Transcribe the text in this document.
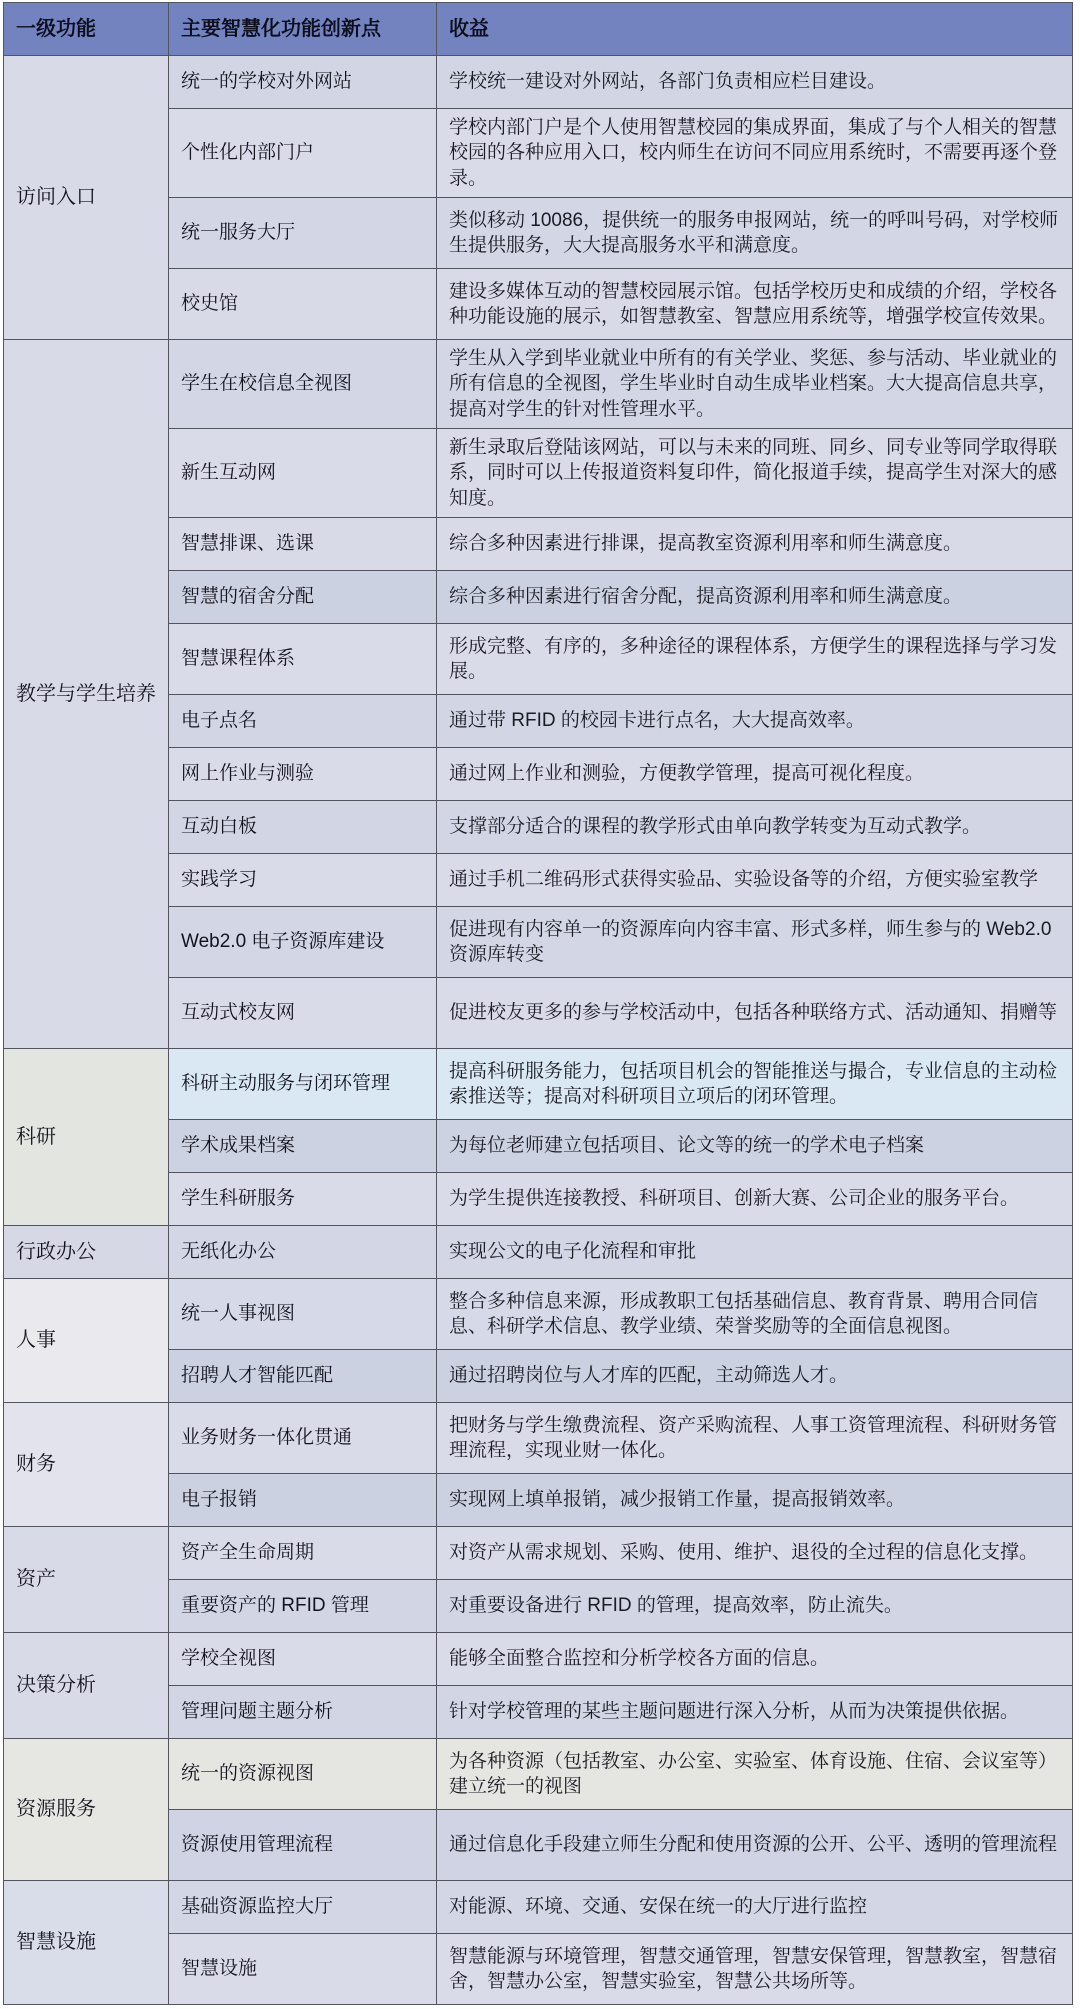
一级功能	主要智慧化功能创新点	收益
访问入口	统一的学校对外网站	学校统一建设对外网站，各部门负责相应栏目建设。
	个性化内部门户	学校内部门户是个人使用智慧校园的集成界面，集成了与个人相关的智慧校园的各种应用入口，校内师生在访问不同应用系统时，不需要再逐个登录。
	统一服务大厅	类似移动 10086，提供统一的服务申报网站，统一的呼叫号码，对学校师生提供服务，大大提高服务水平和满意度。
	校史馆	建设多媒体互动的智慧校园展示馆。包括学校历史和成绩的介绍，学校各种功能设施的展示，如智慧教室、智慧应用系统等，增强学校宣传效果。
教学与学生培养	学生在校信息全视图	学生从入学到毕业就业中所有的有关学业、奖惩、参与活动、毕业就业的所有信息的全视图，学生毕业时自动生成毕业档案。大大提高信息共享，提高对学生的针对性管理水平。
	新生互动网	新生录取后登陆该网站，可以与未来的同班、同乡、同专业等同学取得联系，同时可以上传报道资料复印件，简化报道手续，提高学生对深大的感知度。
	智慧排课、选课	综合多种因素进行排课，提高教室资源利用率和师生满意度。
	智慧的宿舍分配	综合多种因素进行宿舍分配，提高资源利用率和师生满意度。
	智慧课程体系	形成完整、有序的，多种途径的课程体系，方便学生的课程选择与学习发展。
	电子点名	通过带 RFID 的校园卡进行点名，大大提高效率。
	网上作业与测验	通过网上作业和测验，方便教学管理，提高可视化程度。
	互动白板	支撑部分适合的课程的教学形式由单向教学转变为互动式教学。
	实践学习	通过手机二维码形式获得实验品、实验设备等的介绍，方便实验室教学
	Web2.0 电子资源库建设	促进现有内容单一的资源库向内容丰富、形式多样，师生参与的 Web2.0 资源库转变
	互动式校友网	促进校友更多的参与学校活动中，包括各种联络方式、活动通知、捐赠等
科研	科研主动服务与闭环管理	提高科研服务能力，包括项目机会的智能推送与撮合，专业信息的主动检索推送等；提高对科研项目立项后的闭环管理。
	学术成果档案	为每位老师建立包括项目、论文等的统一的学术电子档案
	学生科研服务	为学生提供连接教授、科研项目、创新大赛、公司企业的服务平台。
行政办公	无纸化办公	实现公文的电子化流程和审批
人事	统一人事视图	整合多种信息来源，形成教职工包括基础信息、教育背景、聘用合同信息、科研学术信息、教学业绩、荣誉奖励等的全面信息视图。
	招聘人才智能匹配	通过招聘岗位与人才库的匹配，主动筛选人才。
财务	业务财务一体化贯通	把财务与学生缴费流程、资产采购流程、人事工资管理流程、科研财务管理流程，实现业财一体化。
	电子报销	实现网上填单报销，减少报销工作量，提高报销效率。
资产	资产全生命周期	对资产从需求规划、采购、使用、维护、退役的全过程的信息化支撑。
	重要资产的 RFID 管理	对重要设备进行 RFID 的管理，提高效率，防止流失。
决策分析	学校全视图	能够全面整合监控和分析学校各方面的信息。
	管理问题主题分析	针对学校管理的某些主题问题进行深入分析，从而为决策提供依据。
资源服务	统一的资源视图	为各种资源（包括教室、办公室、实验室、体育设施、住宿、会议室等）建立统一的视图
	资源使用管理流程	通过信息化手段建立师生分配和使用资源的公开、公平、透明的管理流程
智慧设施	基础资源监控大厅	对能源、环境、交通、安保在统一的大厅进行监控
	智慧设施	智慧能源与环境管理，智慧交通管理，智慧安保管理，智慧教室，智慧宿舍，智慧办公室，智慧实验室，智慧公共场所等。
